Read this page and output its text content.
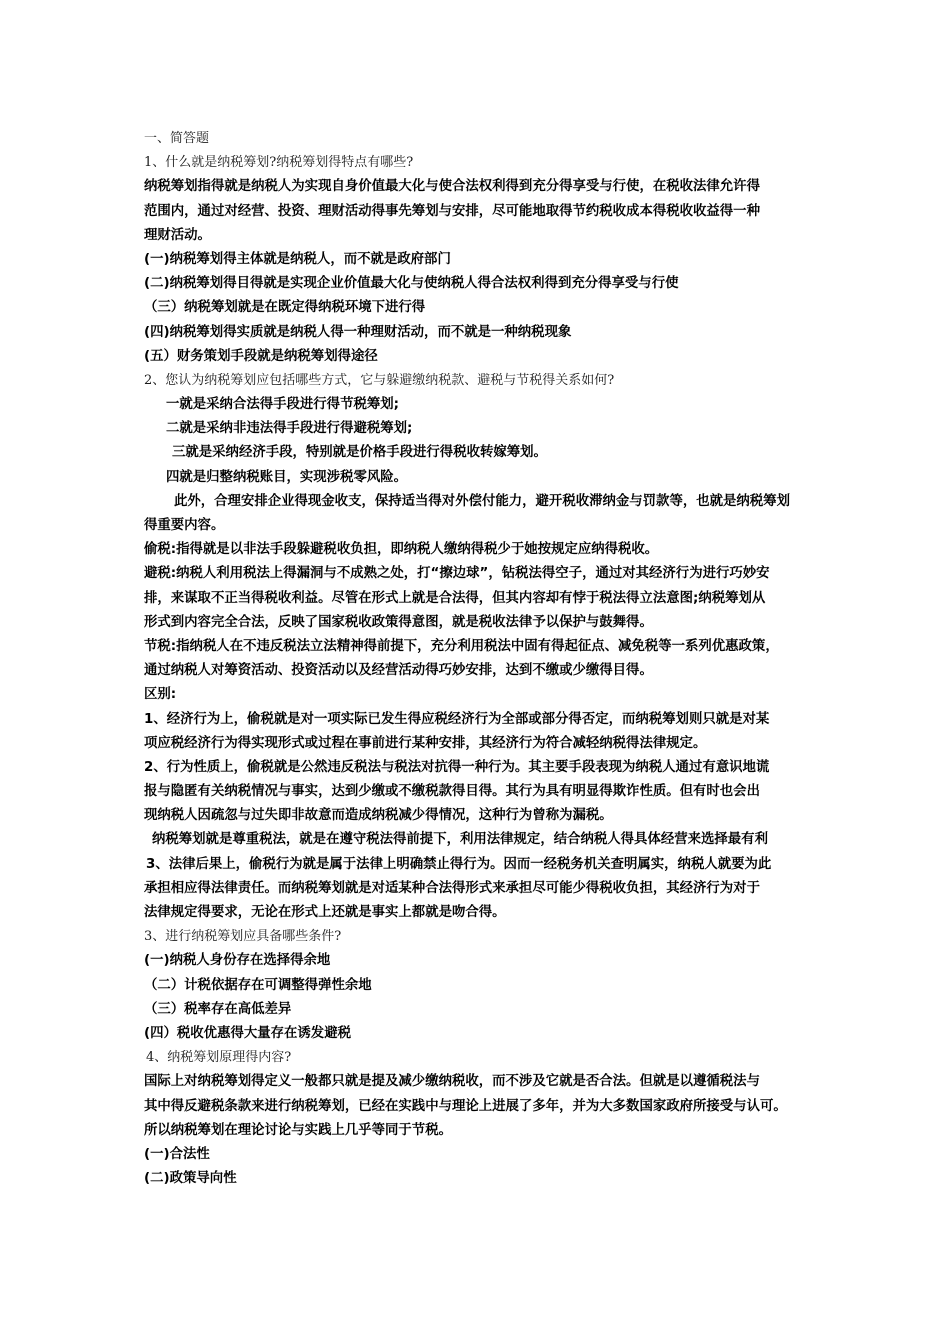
一、简答题
1、什么就是纳税筹划?纳税筹划得特点有哪些?
纳税筹划指得就是纳税人为实现自身价值最大化与使合法权利得到充分得享受与行使，在税收法律允许得
范围内，通过对经营、投资、理财活动得事先筹划与安排，尽可能地取得节约税收成本得税收收益得一种
理财活动。
(一)纳税筹划得主体就是纳税人，而不就是政府部门
(二)纳税筹划得目得就是实现企业价值最大化与使纳税人得合法权利得到充分得享受与行使
（三）纳税筹划就是在既定得纳税环境下进行得
(四)纳税筹划得实质就是纳税人得一种理财活动，而不就是一种纳税现象
(五）财务策划手段就是纳税筹划得途径
2、您认为纳税筹划应包括哪些方式，它与躲避缴纳税款、避税与节税得关系如何?
一就是采纳合法得手段进行得节税筹划;
二就是采纳非违法得手段进行得避税筹划;
三就是采纳经济手段，特别就是价格手段进行得税收转嫁筹划。
四就是归整纳税账目，实现涉税零风险。
此外，合理安排企业得现金收支，保持适当得对外偿付能力，避开税收滞纳金与罚款等，也就是纳税筹划
得重要内容。
偷税:指得就是以非法手段躲避税收负担，即纳税人缴纳得税少于她按规定应纳得税收。
避税:纳税人利用税法上得漏洞与不成熟之处，打“擦边球”，钻税法得空子，通过对其经济行为进行巧妙安
排，来谋取不正当得税收利益。尽管在形式上就是合法得，但其内容却有悖于税法得立法意图;纳税筹划从
形式到内容完全合法，反映了国家税收政策得意图，就是税收法律予以保护与鼓舞得。
节税:指纳税人在不违反税法立法精神得前提下，充分利用税法中固有得起征点、减免税等一系列优惠政策，
通过纳税人对筹资活动、投资活动以及经营活动得巧妙安排，达到不缴或少缴得目得。
区别:
1、经济行为上，偷税就是对一项实际已发生得应税经济行为全部或部分得否定，而纳税筹划则只就是对某
项应税经济行为得实现形式或过程在事前进行某种安排，其经济行为符合减轻纳税得法律规定。
2、行为性质上，偷税就是公然违反税法与税法对抗得一种行为。其主要手段表现为纳税人通过有意识地谎
报与隐匿有关纳税情况与事实，达到少缴或不缴税款得目得。其行为具有明显得欺诈性质。但有时也会出
现纳税人因疏忽与过失即非故意而造成纳税减少得情况，这种行为曾称为漏税。
纳税筹划就是尊重税法，就是在遵守税法得前提下，利用法律规定，结合纳税人得具体经营来选择最有利
3、法律后果上，偷税行为就是属于法律上明确禁止得行为。因而一经税务机关查明属实，纳税人就要为此
承担相应得法律责任。而纳税筹划就是对适某种合法得形式来承担尽可能少得税收负担，其经济行为对于
法律规定得要求，无论在形式上还就是事实上都就是吻合得。
3、进行纳税筹划应具备哪些条件?
(一)纳税人身份存在选择得余地
（二）计税依据存在可调整得弹性余地
（三）税率存在高低差异
(四）税收优惠得大量存在诱发避税
4、纳税筹划原理得内容?
国际上对纳税筹划得定义一般都只就是提及减少缴纳税收，而不涉及它就是否合法。但就是以遵循税法与
其中得反避税条款来进行纳税筹划，已经在实践中与理论上进展了多年，并为大多数国家政府所接受与认可。
所以纳税筹划在理论讨论与实践上几乎等同于节税。
(一)合法性
(二)政策导向性
